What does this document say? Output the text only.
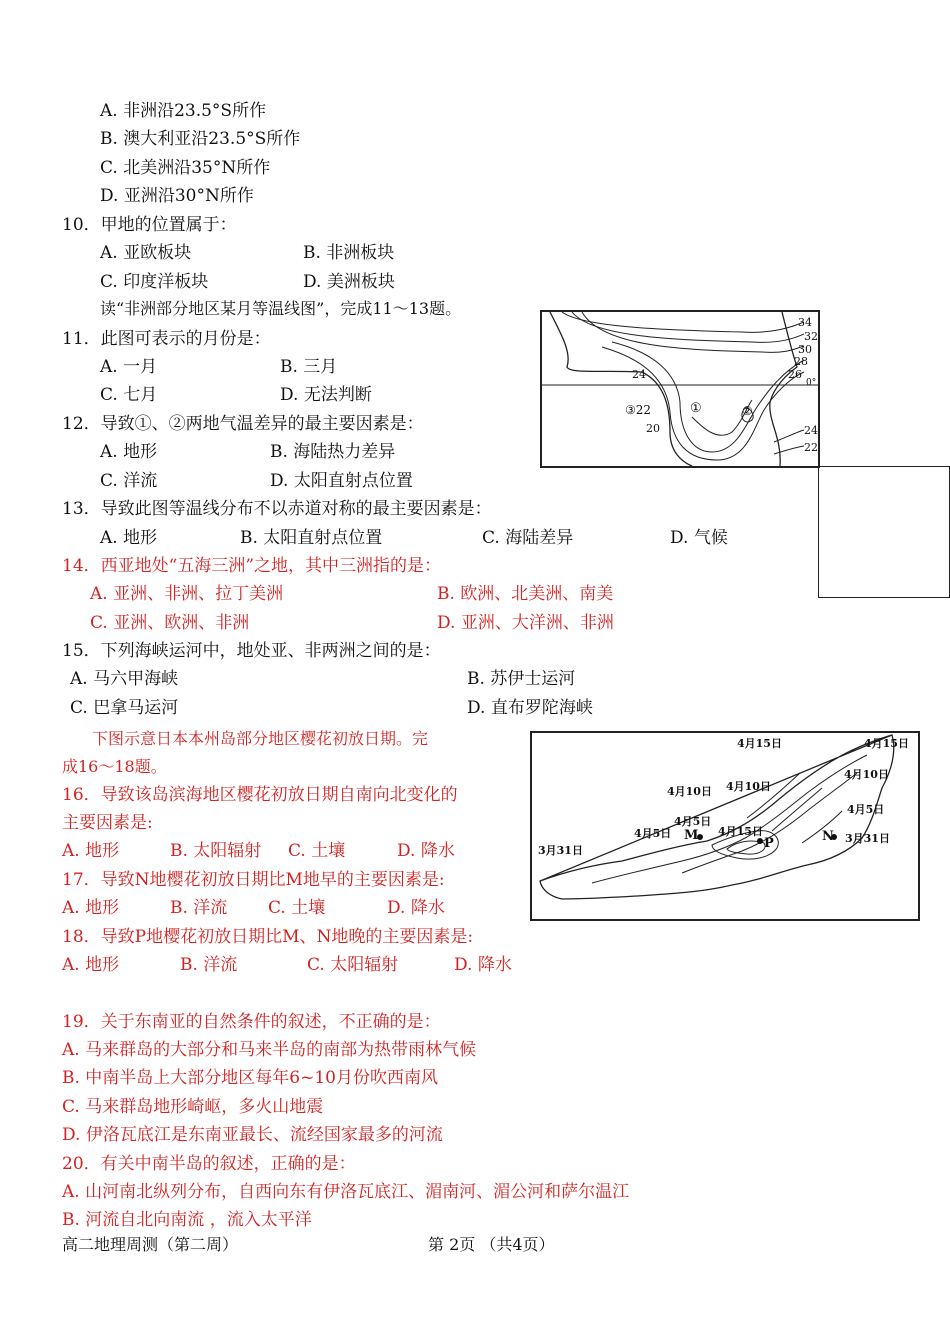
A. 非洲沿23.5°S所作
B. 澳大利亚沿23.5°S所作
C. 北美洲沿35°N所作
D. 亚洲沿30°N所作
10．甲地的位置属于：
A. 亚欧板块	B. 非洲板块
C. 印度洋板块	D. 美洲板块
读“非洲部分地区某月等温线图”，完成11～13题。
34
32
30
28
26
24
20	24
22
0°
①	②
③22
11．此图可表示的月份是：
A. 一月	B. 三月
C. 七月	D. 无法判断
12．导致①、②两地气温差异的最主要因素是：
A. 地形	B. 海陆热力差异
C. 洋流	D. 太阳直射点位置
13．导致此图等温线分布不以赤道对称的最主要因素是：
A. 地形	B. 太阳直射点位置	C. 海陆差异	D. 气候
14．西亚地处“五海三洲”之地，其中三洲指的是：
A. 亚洲、非洲、拉丁美洲	B. 欧洲、北美洲、南美
C. 亚洲、欧洲、非洲	D. 亚洲、大洋洲、非洲
15．下列海峡运河中，地处亚、非两洲之间的是：
A. 马六甲海峡	B. 苏伊士运河
C. 巴拿马运河	D. 直布罗陀海峡
下图示意日本本州岛部分地区樱花初放日期。完
成16～18题。
4月15日	4月15日
4月10日 4月10日
4月10日
4月5日
4月5日
4月5日
4月15日
3月31日
3月31日
M
P	N
16．导致该岛滨海地区樱花初放日期自南向北变化的
主要因素是:
A. 地形	B. 太阳辐射 C. 土壤	D. 降水
17．导致N地樱花初放日期比M地早的主要因素是:
A. 地形	B. 洋流 C. 土壤	D. 降水
18．导致P地樱花初放日期比M、N地晚的主要因素是:
A. 地形	B. 洋流	C. 太阳辐射	D. 降水
19．关于东南亚的自然条件的叙述，不正确的是：
A. 马来群岛的大部分和马来半岛的南部为热带雨林气候
B. 中南半岛上大部分地区每年6~10月份吹西南风
C. 马来群岛地形崎岖，多火山地震
D. 伊洛瓦底江是东南亚最长、流经国家最多的河流
20．有关中南半岛的叙述，正确的是：
A. 山河南北纵列分布，自西向东有伊洛瓦底江、湄南河、湄公河和萨尔温江
B. 河流自北向南流 ，流入太平洋
高二地理周测（第二周）	第 2页 （共4页）
